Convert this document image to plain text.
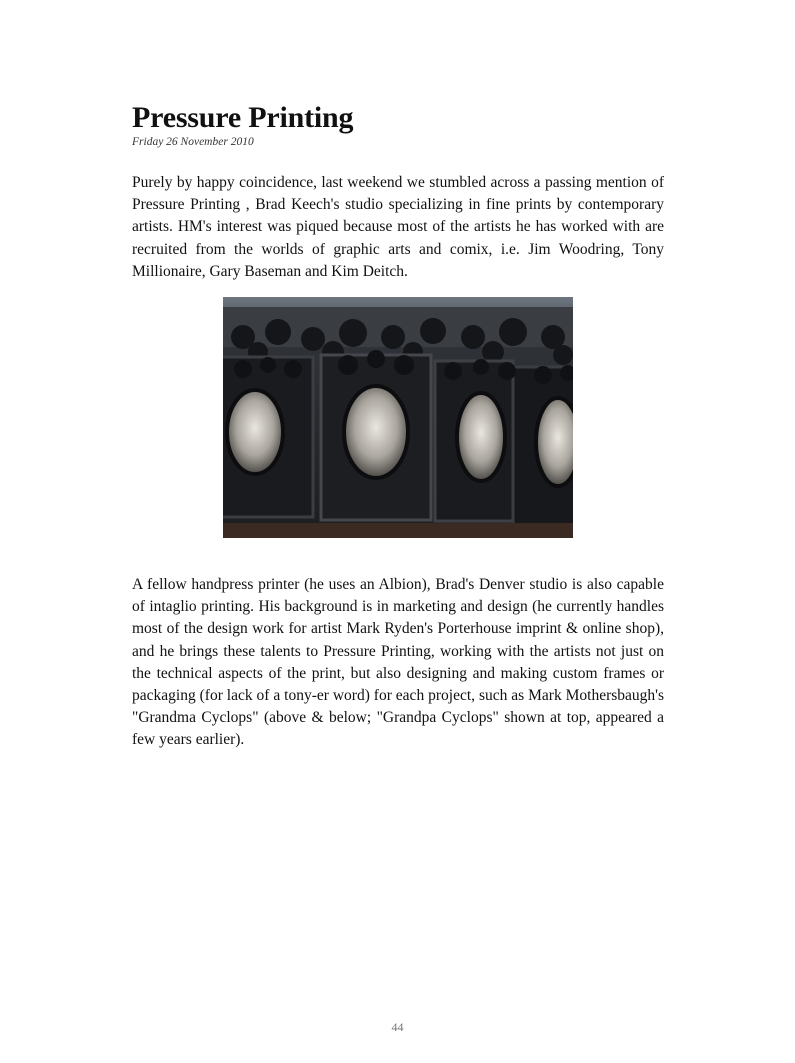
Pressure Printing
Friday 26 November 2010

Purely by happy coincidence, last weekend we stumbled across a passing mention of Pressure Printing , Brad Keech's studio specializing in fine prints by contemporary artists. HM's interest was piqued because most of the artists he has worked with are recruited from the worlds of graphic arts and comix, i.e. Jim Woodring, Tony Millionaire, Gary Baseman and Kim Deitch.

A fellow handpress printer (he uses an Albion), Brad's Denver studio is also capable of intaglio printing. His background is in marketing and design (he currently handles most of the design work for artist Mark Ryden's Porterhouse imprint & online shop), and he brings these talents to Pressure Printing, working with the artists not just on the technical aspects of the print, but also designing and making custom frames or packaging (for lack of a tony-er word) for each project, such as Mark Mothersbaugh's "Grandma Cyclops" (above & below; "Grandpa Cyclops" shown at top, appeared a few years earlier).

44
